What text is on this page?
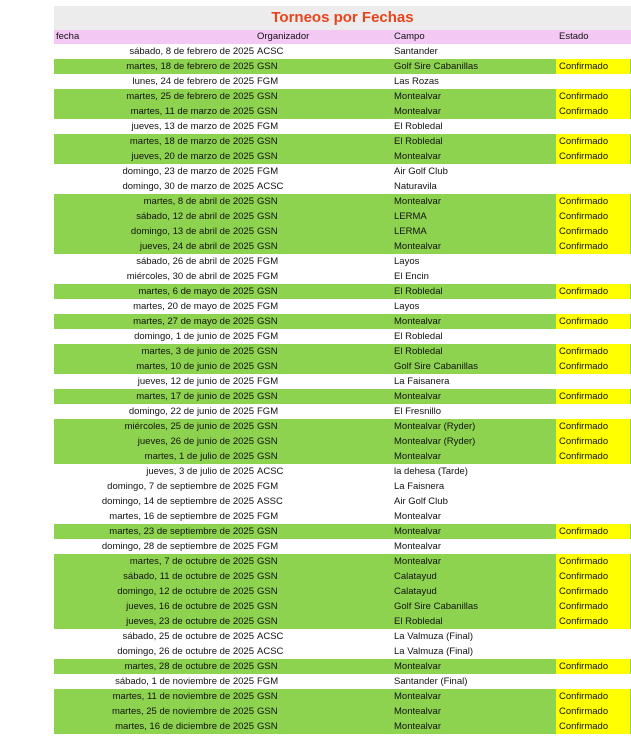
Torneos por Fechas
fecha	Organizador	Campo	Estado
sábado, 8 de febrero de 2025 ACSC	Santander
martes, 18 de febrero de 2025 GSN	Golf Sire Cabanillas	Confirmado
lunes, 24 de febrero de 2025 FGM	Las Rozas
martes, 25 de febrero de 2025 GSN	Montealvar	Confirmado
martes, 11 de marzo de 2025 GSN	Montealvar	Confirmado
jueves, 13 de marzo de 2025 FGM	El Robledal
martes, 18 de marzo de 2025 GSN	El Robledal	Confirmado
jueves, 20 de marzo de 2025 GSN	Montealvar	Confirmado
domingo, 23 de marzo de 2025 FGM	Air Golf Club
domingo, 30 de marzo de 2025 ACSC	Naturavila
martes, 8 de abril de 2025 GSN	Montealvar	Confirmado
sábado, 12 de abril de 2025 GSN	LERMA	Confirmado
domingo, 13 de abril de 2025 GSN	LERMA	Confirmado
jueves, 24 de abril de 2025 GSN	Montealvar	Confirmado
sábado, 26 de abril de 2025 FGM	Layos
miércoles, 30 de abril de 2025 FGM	El Encin
martes, 6 de mayo de 2025 GSN	El Robledal	Confirmado
martes, 20 de mayo de 2025 FGM	Layos
martes, 27 de mayo de 2025 GSN	Montealvar	Confirmado
domingo, 1 de junio de 2025 FGM	El Robledal
martes, 3 de junio de 2025 GSN	El Robledal	Confirmado
martes, 10 de junio de 2025 GSN	Golf Sire Cabanillas	Confirmado
jueves, 12 de junio de 2025 FGM	La Faisanera
martes, 17 de junio de 2025 GSN	Montealvar	Confirmado
domingo, 22 de junio de 2025 FGM	El Fresnillo
miércoles, 25 de junio de 2025 GSN	Montealvar (Ryder)	Confirmado
jueves, 26 de junio de 2025 GSN	Montealvar (Ryder)	Confirmado
martes, 1 de julio de 2025 GSN	Montealvar	Confirmado
jueves, 3 de julio de 2025 ACSC	la dehesa (Tarde)
domingo, 7 de septiembre de 2025 FGM	La Faisnera
domingo, 14 de septiembre de 2025 ASSC	Air Golf Club
martes, 16 de septiembre de 2025 FGM	Montealvar
martes, 23 de septiembre de 2025 GSN	Montealvar	Confirmado
domingo, 28 de septiembre de 2025 FGM	Montealvar
martes, 7 de octubre de 2025 GSN	Montealvar	Confirmado
sábado, 11 de octubre de 2025 GSN	Calatayud	Confirmado
domingo, 12 de octubre de 2025 GSN	Calatayud	Confirmado
jueves, 16 de octubre de 2025 GSN	Golf Sire Cabanillas	Confirmado
jueves, 23 de octubre de 2025 GSN	El Robledal	Confirmado
sábado, 25 de octubre de 2025 ACSC	La Valmuza (Final)
domingo, 26 de octubre de 2025 ACSC	La Valmuza (Final)
martes, 28 de octubre de 2025 GSN	Montealvar	Confirmado
sábado, 1 de noviembre de 2025 FGM	Santander (Final)
martes, 11 de noviembre de 2025 GSN	Montealvar	Confirmado
martes, 25 de noviembre de 2025 GSN	Montealvar	Confirmado
martes, 16 de diciembre de 2025 GSN	Montealvar	Confirmado
